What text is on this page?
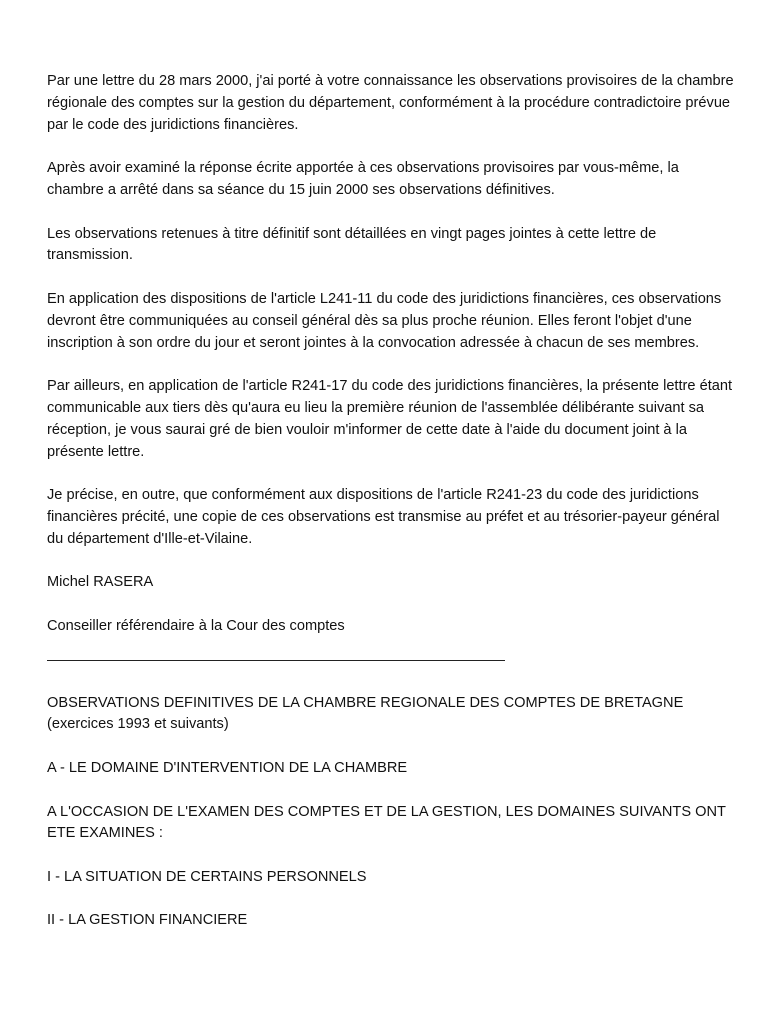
Par une lettre du 28 mars 2000, j'ai porté à votre connaissance les observations provisoires de la chambre régionale des comptes sur la gestion du département, conformément à la procédure contradictoire prévue par le code des juridictions financières.

Après avoir examiné la réponse écrite apportée à ces observations provisoires par vous-même, la chambre a arrêté dans sa séance du 15 juin 2000 ses observations définitives.

Les observations retenues à titre définitif sont détaillées en vingt pages jointes à cette lettre de transmission.

En application des dispositions de l'article L241-11 du code des juridictions financières, ces observations devront être communiquées au conseil général dès sa plus proche réunion. Elles feront l'objet d'une inscription à son ordre du jour et seront jointes à la convocation adressée à chacun de ses membres.

Par ailleurs, en application de l'article R241-17 du code des juridictions financières, la présente lettre étant communicable aux tiers dès qu'aura eu lieu la première réunion de l'assemblée délibérante suivant sa réception, je vous saurai gré de bien vouloir m'informer de cette date à l'aide du document joint à la présente lettre.

Je précise, en outre, que conformément aux dispositions de l'article R241-23 du code des juridictions financières précité, une copie de ces observations est transmise au préfet et au trésorier-payeur général du département d'Ille-et-Vilaine.

Michel RASERA

Conseiller référendaire à la Cour des comptes

OBSERVATIONS DEFINITIVES DE LA CHAMBRE REGIONALE DES COMPTES DE BRETAGNE (exercices 1993 et suivants)

A - LE DOMAINE D'INTERVENTION DE LA CHAMBRE

A L'OCCASION DE L'EXAMEN DES COMPTES ET DE LA GESTION, LES DOMAINES SUIVANTS ONT ETE EXAMINES :

I - LA SITUATION DE CERTAINS PERSONNELS

II - LA GESTION FINANCIERE
